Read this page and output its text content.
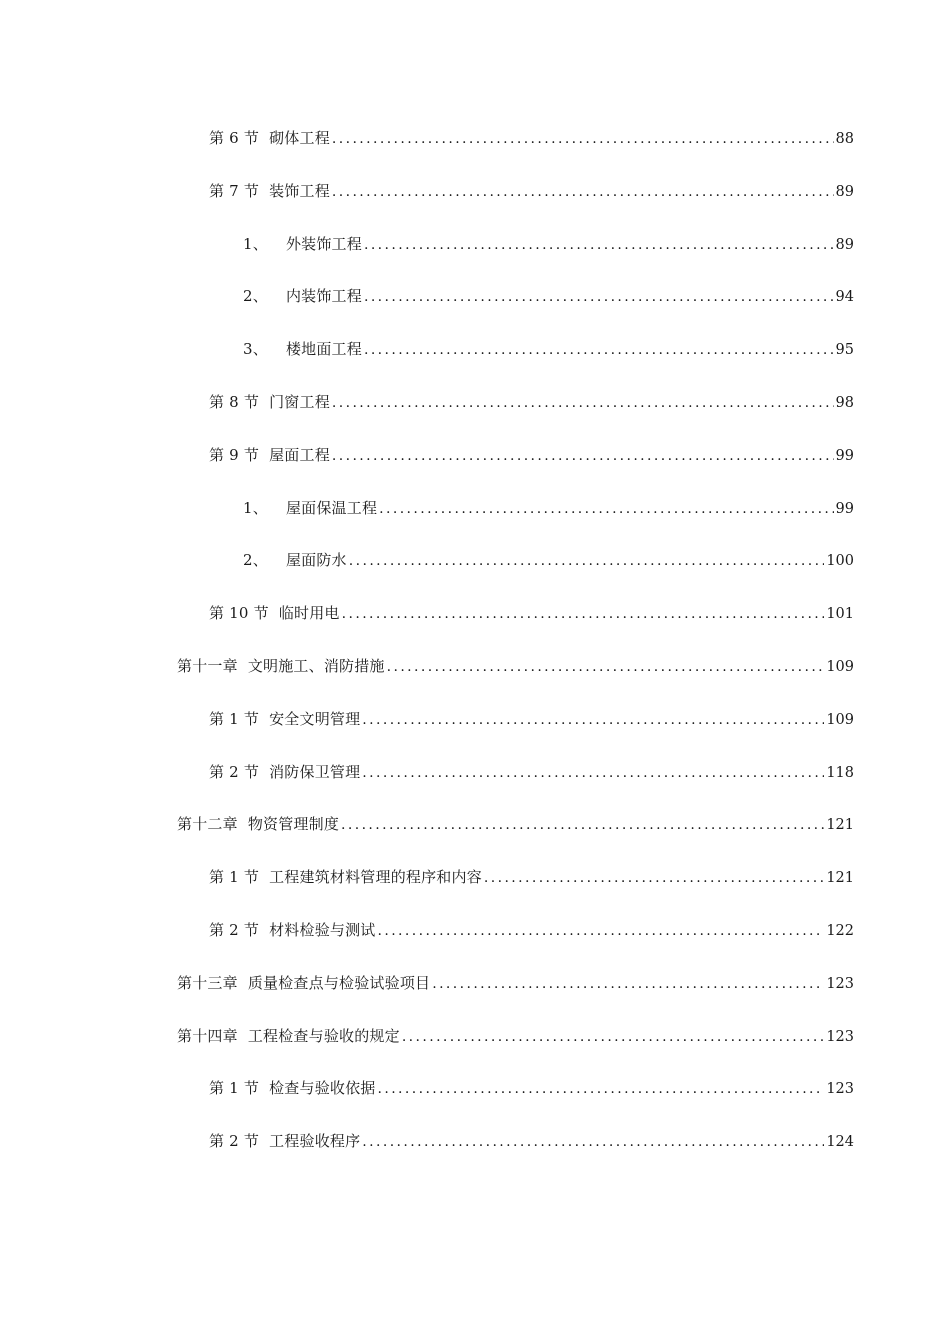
第 6 节 砌体工程 .....	88
第 7 节 装饰工程 .....	89
1、 外装饰工程 .....	89
2、 内装饰工程 .....	94
3、 楼地面工程 .....	95
第 8 节 门窗工程 .....	98
第 9 节 屋面工程 .....	99
1、 屋面保温工程 .....	99
2、 屋面防水 .....	100
第 10 节 临时用电 .....	101
第十一章 文明施工、消防措施 .....	109
第 1 节 安全文明管理 .....	109
第 2 节 消防保卫管理 .....	118
第十二章 物资管理制度 .....	121
第 1 节 工程建筑材料管理的程序和内容 .....	121
第 2 节 材料检验与测试 .....	122
第十三章 质量检查点与检验试验项目 .....	123
第十四章 工程检查与验收的规定 .....	123
第 1 节 检查与验收依据 .....	123
第 2 节 工程验收程序 .....	124
